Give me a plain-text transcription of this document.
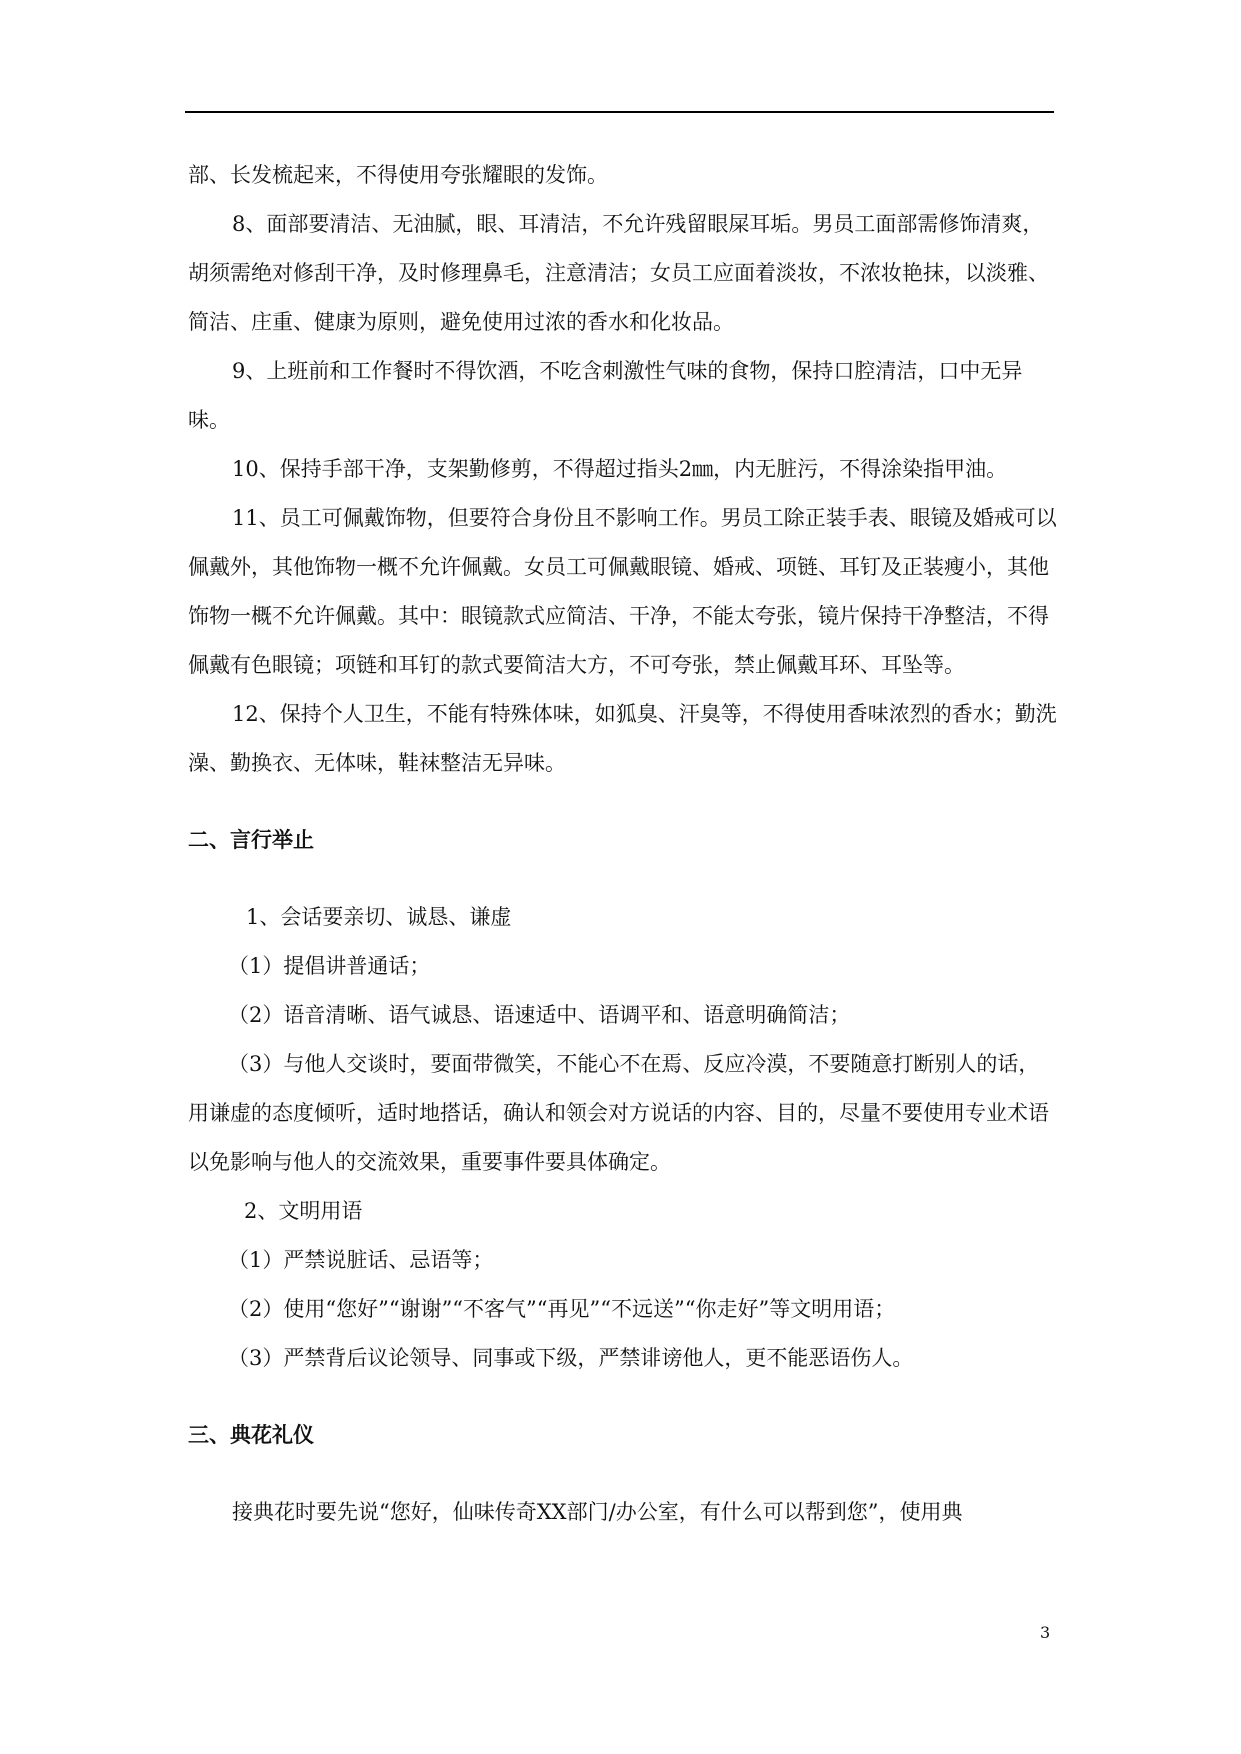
部、长发梳起来，不得使用夸张耀眼的发饰。

8、面部要清洁、无油腻，眼、耳清洁，不允许残留眼屎耳垢。男员工面部需修饰清爽，胡须需绝对修刮干净，及时修理鼻毛，注意清洁；女员工应面着淡妆，不浓妆艳抹，以淡雅、简洁、庄重、健康为原则，避免使用过浓的香水和化妆品。

9、上班前和工作餐时不得饮酒，不吃含刺激性气味的食物，保持口腔清洁，口中无异味。

10、保持手部干净，支架勤修剪，不得超过指头2㎜，内无脏污，不得涂染指甲油。

11、员工可佩戴饰物，但要符合身份且不影响工作。男员工除正装手表、眼镜及婚戒可以佩戴外，其他饰物一概不允许佩戴。女员工可佩戴眼镜、婚戒、项链、耳钉及正装瘦小，其他饰物一概不允许佩戴。其中：眼镜款式应简洁、干净，不能太夸张，镜片保持干净整洁，不得佩戴有色眼镜；项链和耳钉的款式要简洁大方，不可夸张，禁止佩戴耳环、耳坠等。

12、保持个人卫生，不能有特殊体味，如狐臭、汗臭等，不得使用香味浓烈的香水；勤洗澡、勤换衣、无体味，鞋袜整洁无异味。

二、言行举止

1、会话要亲切、诚恳、谦虚

（1）提倡讲普通话；

（2）语音清晰、语气诚恳、语速适中、语调平和、语意明确简洁；

（3）与他人交谈时，要面带微笑，不能心不在焉、反应冷漠，不要随意打断别人的话，用谦虚的态度倾听，适时地搭话，确认和领会对方说话的内容、目的，尽量不要使用专业术语以免影响与他人的交流效果，重要事件要具体确定。

2、文明用语

（1）严禁说脏话、忌语等；

（2）使用“您好”“谢谢”“不客气”“再见”“不远送”“你走好”等文明用语；

（3）严禁背后议论领导、同事或下级，严禁诽谤他人，更不能恶语伤人。

三、典花礼仪

接典花时要先说“您好，仙味传奇XX部门/办公室，有什么可以帮到您”，使用典

3
